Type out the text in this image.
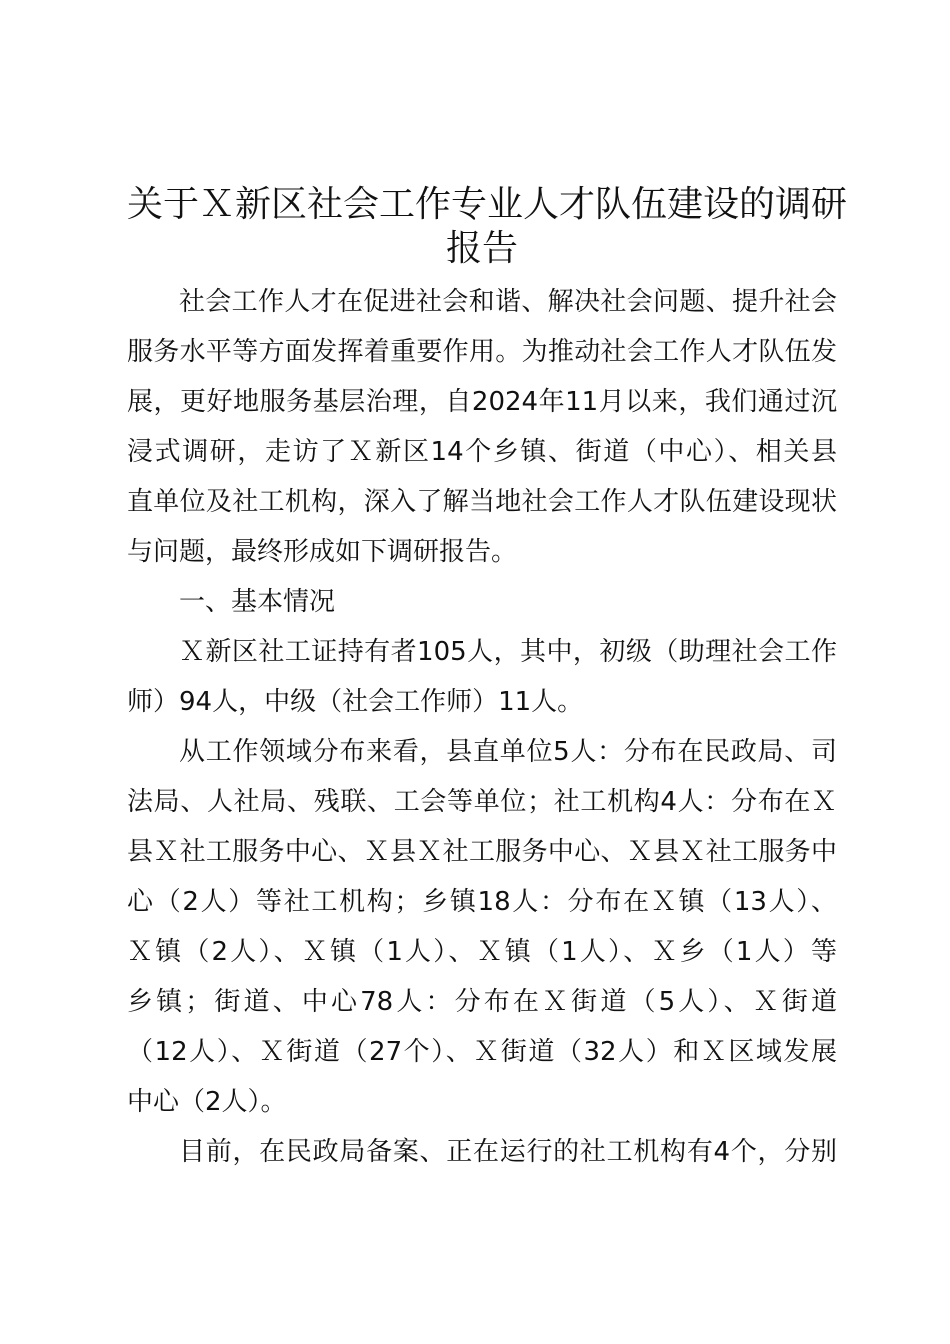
关于Ｘ新区社会工作专业人才队伍建设的调研
报告
社会工作人才在促进社会和谐、解决社会问题、提升社会
服务水平等方面发挥着重要作用。为推动社会工作人才队伍发
展，更好地服务基层治理，自2024年11月以来，我们通过沉
浸式调研，走访了Ｘ新区14个乡镇、街道（中心）、相关县
直单位及社工机构，深入了解当地社会工作人才队伍建设现状
与问题，最终形成如下调研报告。
一、基本情况
Ｘ新区社工证持有者105人，其中，初级（助理社会工作
师）94人，中级（社会工作师）11人。
从工作领域分布来看，县直单位5人：分布在民政局、司
法局、人社局、残联、工会等单位；社工机构4人：分布在Ｘ
县Ｘ社工服务中心、Ｘ县Ｘ社工服务中心、Ｘ县Ｘ社工服务中
心（2人）等社工机构；乡镇18人：分布在Ｘ镇（13人）、
Ｘ镇（2人）、Ｘ镇（1人）、Ｘ镇（1人）、Ｘ乡（1人）等
乡镇；街道、中心78人：分布在Ｘ街道（5人）、Ｘ街道
（12人）、Ｘ街道（27个）、Ｘ街道（32人）和Ｘ区域发展
中心（2人）。
目前，在民政局备案、正在运行的社工机构有4个，分别
